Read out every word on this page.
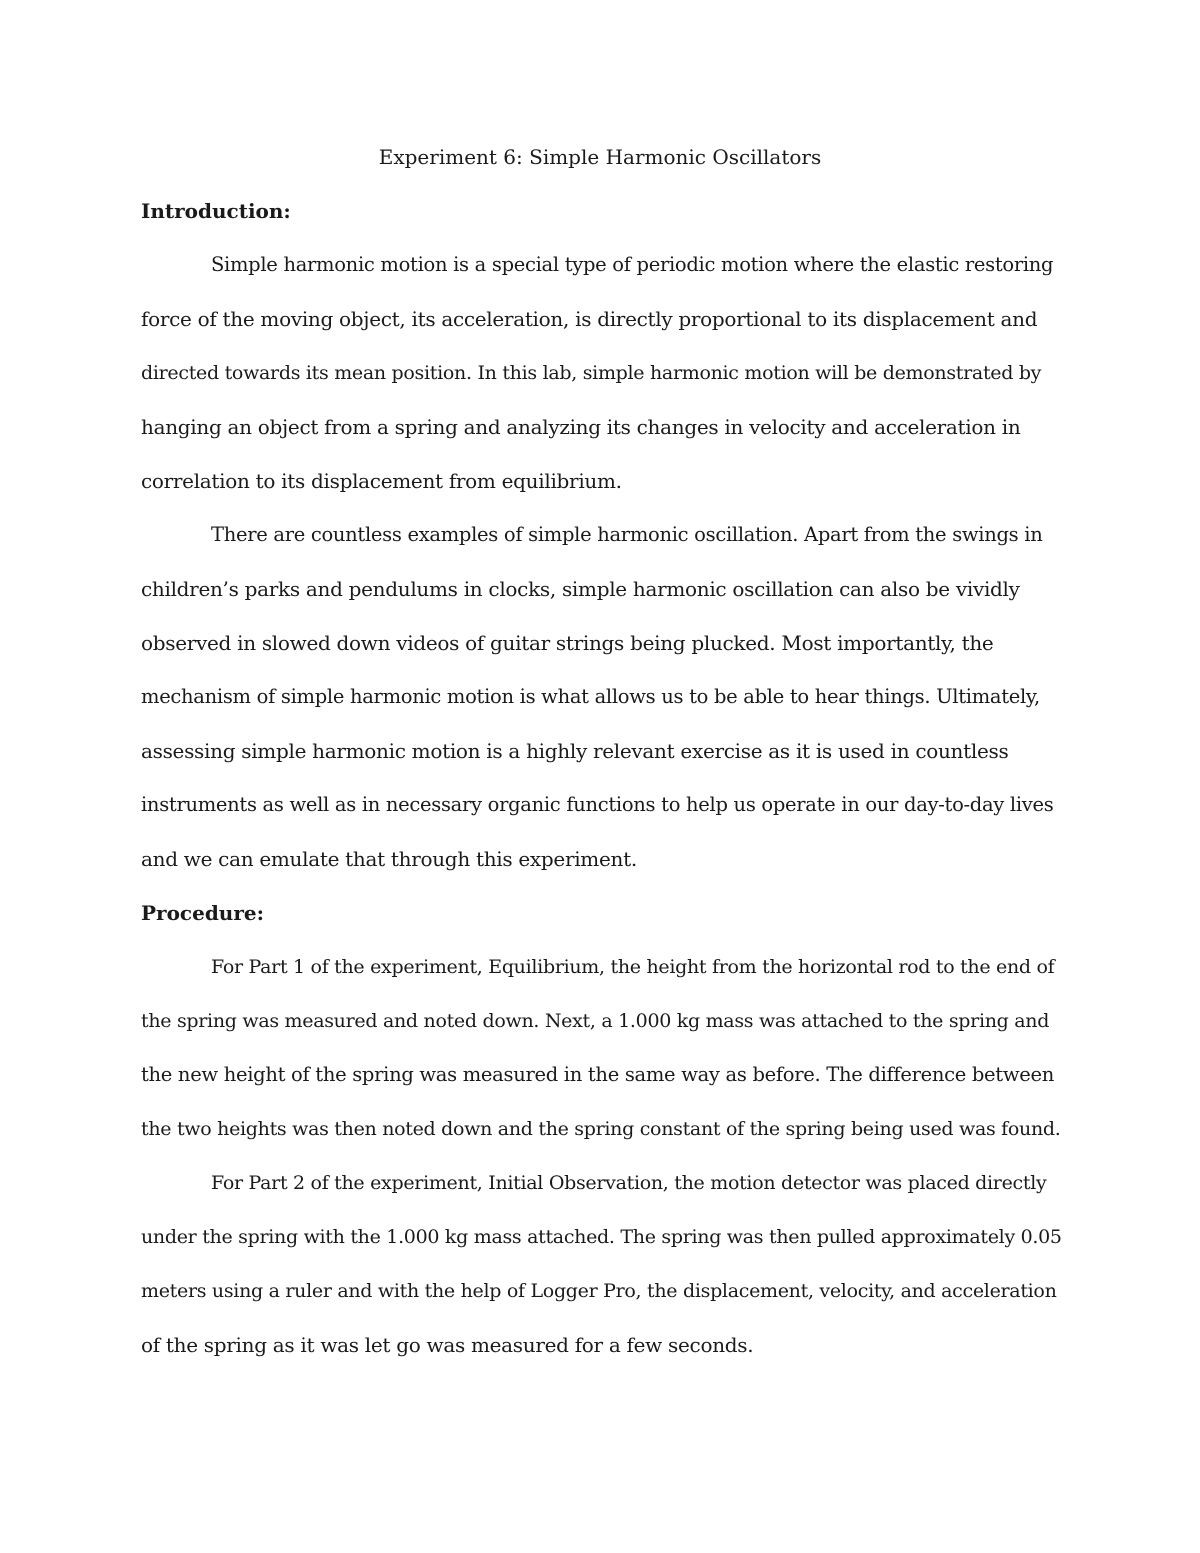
Experiment 6: Simple Harmonic Oscillators
Introduction:
Simple harmonic motion is a special type of periodic motion where the elastic restoring
force of the moving object, its acceleration, is directly proportional to its displacement and
directed towards its mean position. In this lab, simple harmonic motion will be demonstrated by
hanging an object from a spring and analyzing its changes in velocity and acceleration in
correlation to its displacement from equilibrium.
There are countless examples of simple harmonic oscillation. Apart from the swings in
children’s parks and pendulums in clocks, simple harmonic oscillation can also be vividly
observed in slowed down videos of guitar strings being plucked. Most importantly, the
mechanism of simple harmonic motion is what allows us to be able to hear things. Ultimately,
assessing simple harmonic motion is a highly relevant exercise as it is used in countless
instruments as well as in necessary organic functions to help us operate in our day-to-day lives
and we can emulate that through this experiment.
Procedure:
For Part 1 of the experiment, Equilibrium, the height from the horizontal rod to the end of
the spring was measured and noted down. Next, a 1.000 kg mass was attached to the spring and
the new height of the spring was measured in the same way as before. The difference between
the two heights was then noted down and the spring constant of the spring being used was found.
For Part 2 of the experiment, Initial Observation, the motion detector was placed directly
under the spring with the 1.000 kg mass attached. The spring was then pulled approximately 0.05
meters using a ruler and with the help of Logger Pro, the displacement, velocity, and acceleration
of the spring as it was let go was measured for a few seconds.
